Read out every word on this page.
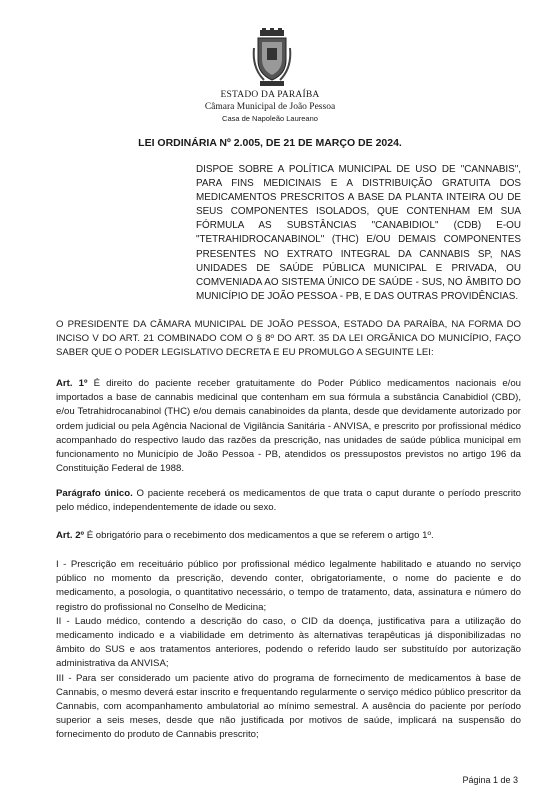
ESTADO DA PARAÍBA
Câmara Municipal de João Pessoa
Casa de Napoleão Laureano
LEI ORDINÁRIA Nº 2.005, DE 21 DE MARÇO DE 2024.
DISPOE SOBRE A POLÍTICA MUNICIPAL DE USO DE "CANNABIS", PARA FINS MEDICINAIS E A DISTRIBUIÇÃO GRATUITA DOS MEDICAMENTOS PRESCRITOS A BASE DA PLANTA INTEIRA OU DE SEUS COMPONENTES ISOLADOS, QUE CONTENHAM EM SUA FÓRMULA AS SUBSTÂNCIAS "CANABIDIOL" (CDB) E-OU "TETRAHIDROCANABINOL" (THC) E/OU DEMAIS COMPONENTES PRESENTES NO EXTRATO INTEGRAL DA CANNABIS SP, NAS UNIDADES DE SAÚDE PÚBLICA MUNICIPAL E PRIVADA, OU COMVENIADA AO SISTEMA ÚNICO DE SAÚDE - SUS, NO ÂMBITO DO MUNICÍPIO DE JOÃO PESSOA - PB, E DAS OUTRAS PROVIDÊNCIAS.
O PRESIDENTE DA CÂMARA MUNICIPAL DE JOÃO PESSOA, ESTADO DA PARAÍBA, NA FORMA DO INCISO V DO ART. 21 COMBINADO COM O § 8º DO ART. 35 DA LEI ORGÂNICA DO MUNICÍPIO, FAÇO SABER QUE O PODER LEGISLATIVO DECRETA E EU PROMULGO A SEGUINTE LEI:
Art. 1º É direito do paciente receber gratuitamente do Poder Público medicamentos nacionais e/ou importados a base de cannabis medicinal que contenham em sua fórmula a substância Canabidiol (CBD), e/ou Tetrahidrocanabinol (THC) e/ou demais canabinoides da planta, desde que devidamente autorizado por ordem judicial ou pela Agência Nacional de Vigilância Sanitária - ANVISA, e prescrito por profissional médico acompanhado do respectivo laudo das razões da prescrição, nas unidades de saúde pública municipal em funcionamento no Município de João Pessoa - PB, atendidos os pressupostos previstos no artigo 196 da Constituição Federal de 1988.
Parágrafo único. O paciente receberá os medicamentos de que trata o caput durante o período prescrito pelo médico, independentemente de idade ou sexo.
Art. 2º É obrigatório para o recebimento dos medicamentos a que se referem o artigo 1º.

I - Prescrição em receituário público por profissional médico legalmente habilitado e atuando no serviço público no momento da prescrição, devendo conter, obrigatoriamente, o nome do paciente e do medicamento, a posologia, o quantitativo necessário, o tempo de tratamento, data, assinatura e número do registro do profissional no Conselho de Medicina;

II - Laudo médico, contendo a descrição do caso, o CID da doença, justificativa para a utilização do medicamento indicado e a viabilidade em detrimento às alternativas terapêuticas já disponibilizadas no âmbito do SUS e aos tratamentos anteriores, podendo o referido laudo ser substituído por autorização administrativa da ANVISA;

III - Para ser considerado um paciente ativo do programa de fornecimento de medicamentos à base de Cannabis, o mesmo deverá estar inscrito e frequentando regularmente o serviço médico público prescritor da Cannabis, com acompanhamento ambulatorial ao mínimo semestral. A ausência do paciente por período superior a seis meses, desde que não justificada por motivos de saúde, implicará na suspensão do fornecimento do produto de Cannabis prescrito;

Página 1 de 3
